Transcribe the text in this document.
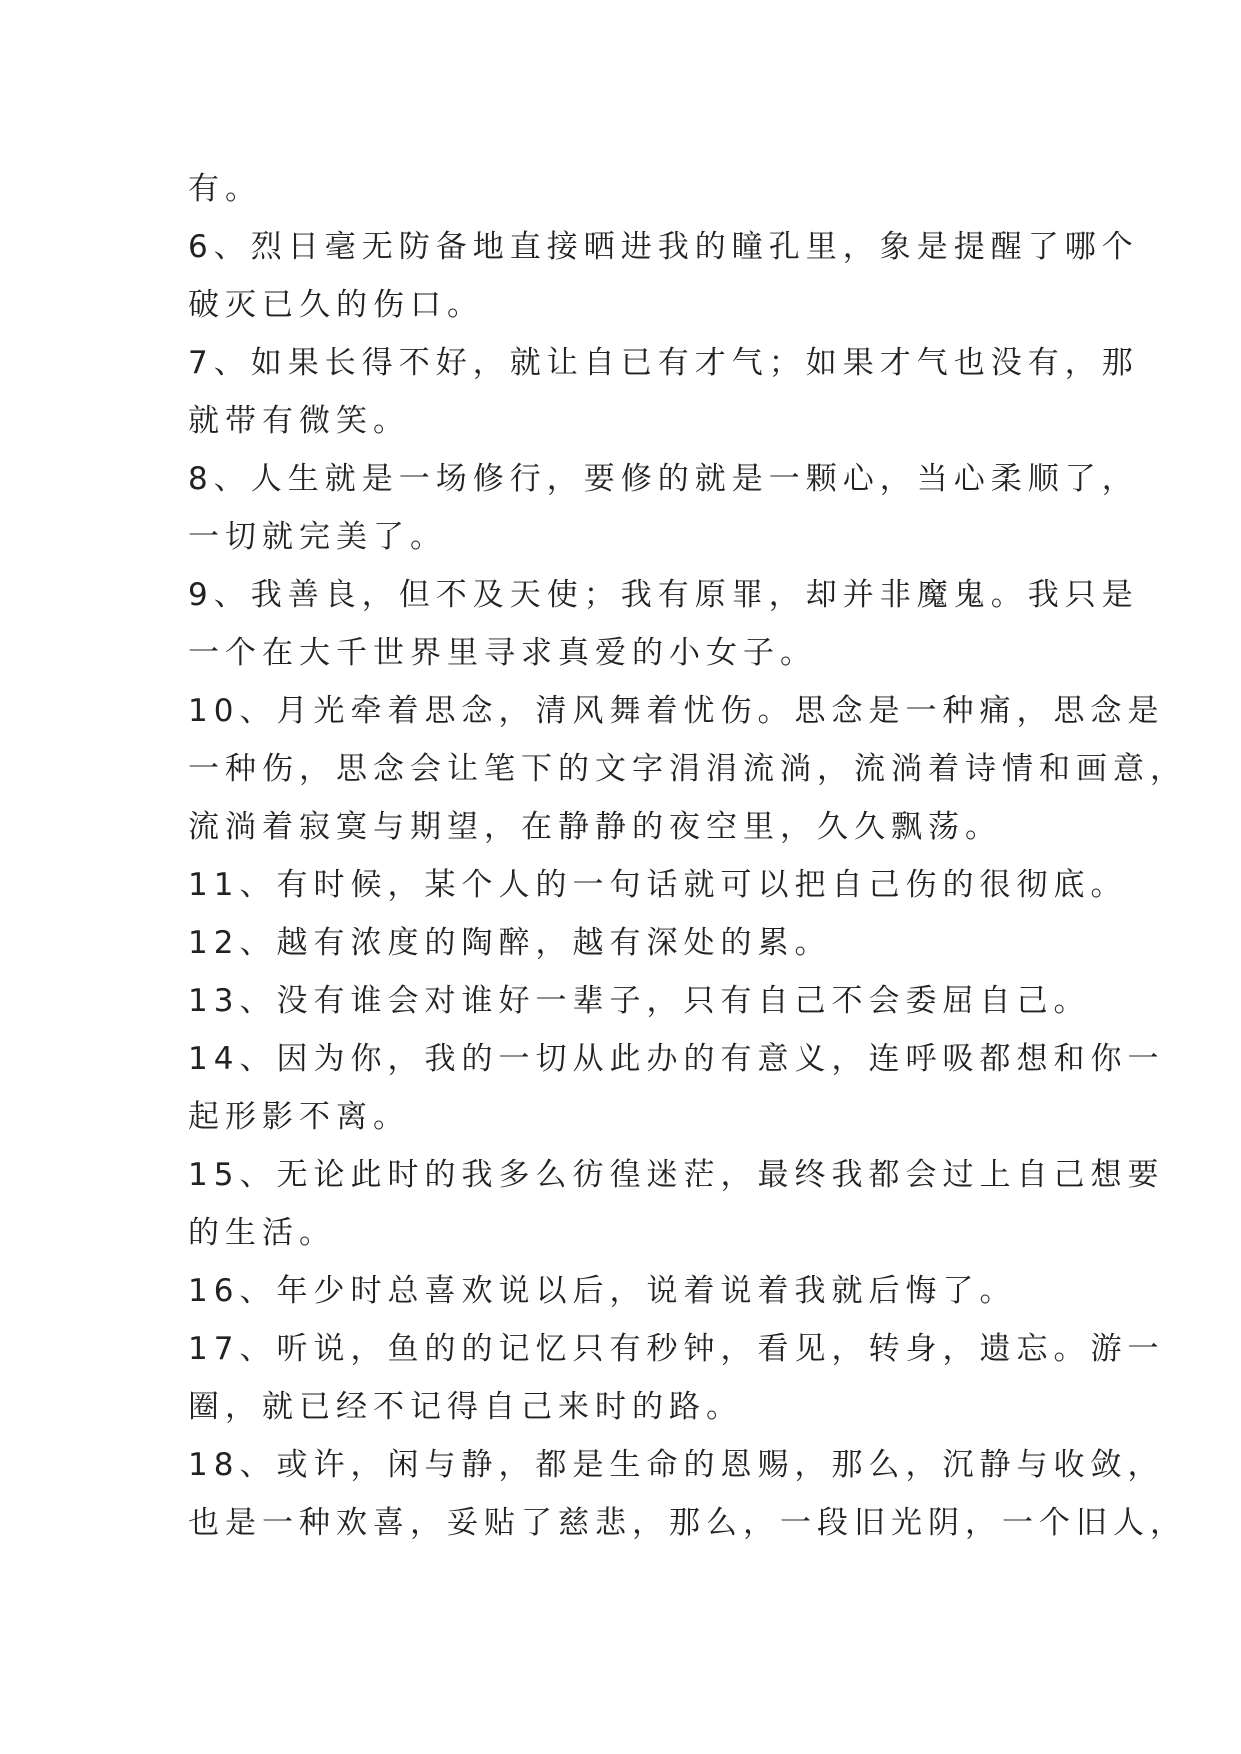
有。
6、烈日毫无防备地直接晒进我的瞳孔里，象是提醒了哪个
破灭已久的伤口。
7、如果长得不好，就让自已有才气；如果才气也没有，那
就带有微笑。
8、人生就是一场修行，要修的就是一颗心，当心柔顺了，
一切就完美了。
9、我善良，但不及天使；我有原罪，却并非魔鬼。我只是
一个在大千世界里寻求真爱的小女子。
10、月光牵着思念，清风舞着忧伤。思念是一种痛，思念是
一种伤，思念会让笔下的文字涓涓流淌，流淌着诗情和画意，
流淌着寂寞与期望，在静静的夜空里，久久飘荡。
11、有时候，某个人的一句话就可以把自己伤的很彻底。
12、越有浓度的陶醉，越有深处的累。
13、没有谁会对谁好一辈子，只有自己不会委屈自己。
14、因为你，我的一切从此办的有意义，连呼吸都想和你一
起形影不离。
15、无论此时的我多么彷徨迷茫，最终我都会过上自己想要
的生活。
16、年少时总喜欢说以后，说着说着我就后悔了。
17、听说，鱼的的记忆只有秒钟，看见，转身，遗忘。游一
圈，就已经不记得自己来时的路。
18、或许，闲与静，都是生命的恩赐，那么，沉静与收敛，
也是一种欢喜，妥贴了慈悲，那么，一段旧光阴，一个旧人，
